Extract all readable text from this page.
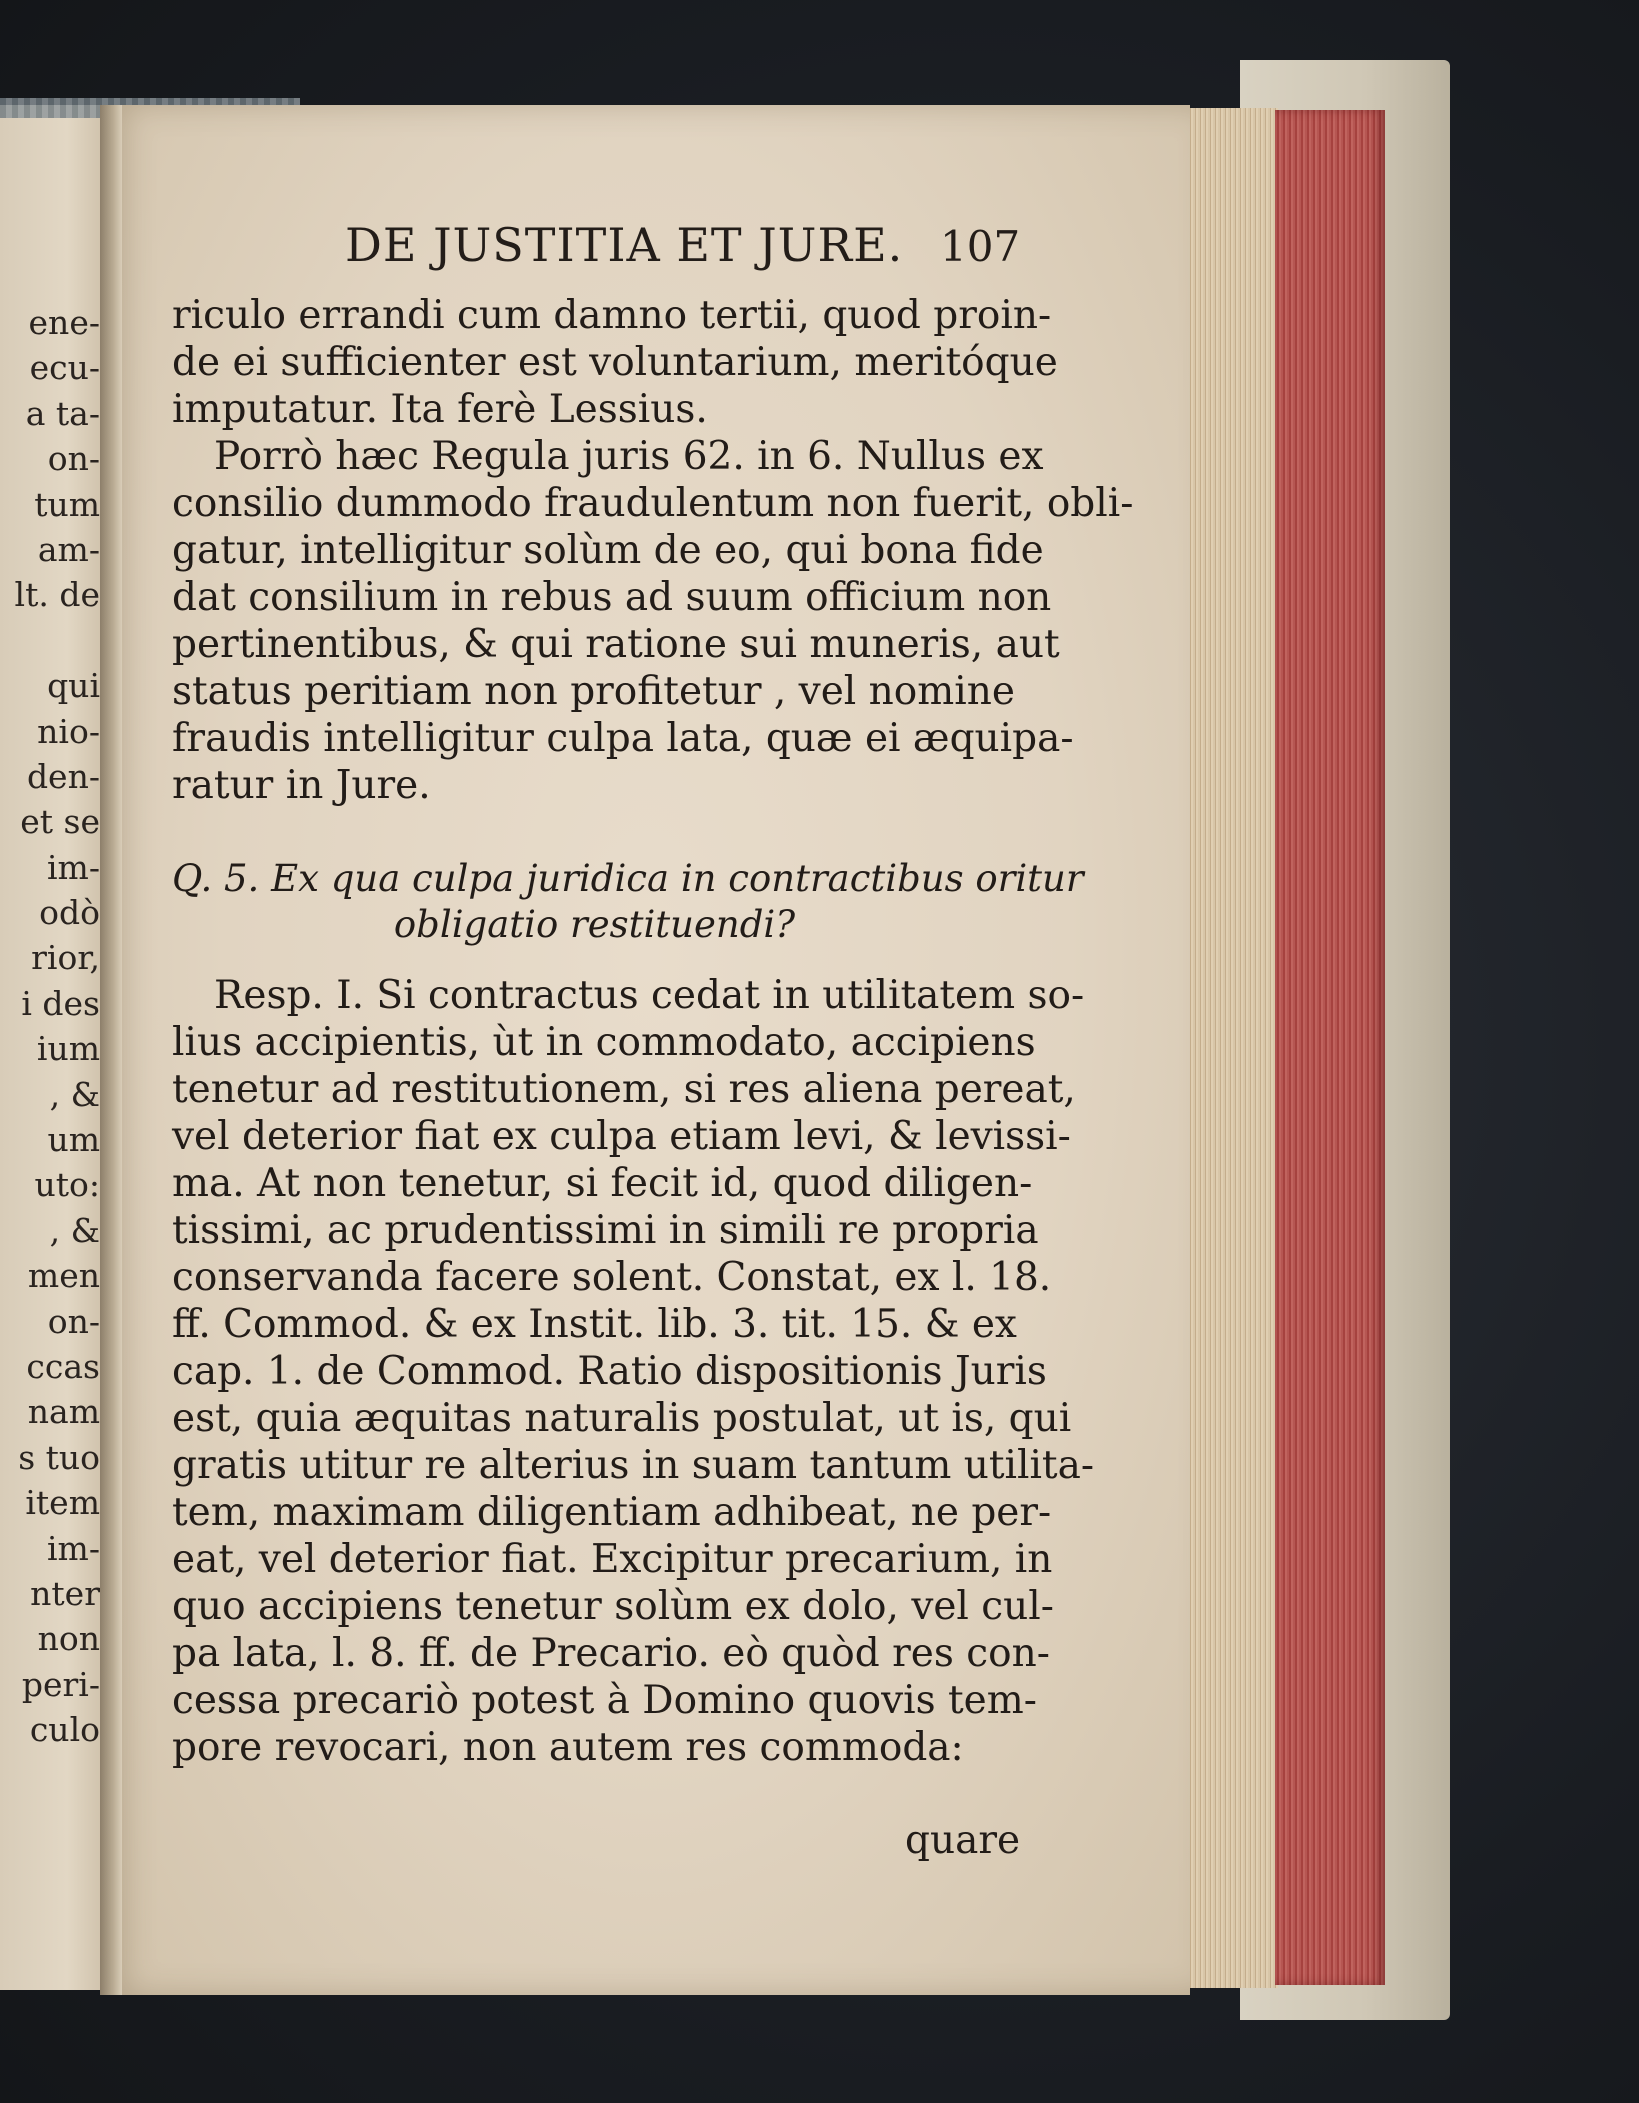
ene-
ecu-
a ta-
on-
tum
am-
lt. de
qui
nio-
den-
et se
im-
odò
rior,
i des
ium
, &
um
uto:
, &
men
on-
ccas
nam
s tuo
item
im-
nter
non
peri-
culo
DE JUSTITIA ET JURE. 107
riculo errandi cum damno tertii, quod proin-
de ei sufficienter est voluntarium, meritóque
imputatur. Ita ferè Lessius.
Porrò hæc Regula juris 62. in 6. Nullus ex
consilio dummodo fraudulentum non fuerit, obli-
gatur, intelligitur solùm de eo, qui bona fide
dat consilium in rebus ad suum officium non
pertinentibus, & qui ratione sui muneris, aut
status peritiam non profitetur , vel nomine
fraudis intelligitur culpa lata, quæ ei æquipa-
ratur in Jure.
Q. 5. Ex qua culpa juridica in contractibus oritur
obligatio restituendi?
Resp. I. Si contractus cedat in utilitatem so-
lius accipientis, ùt in commodato, accipiens
tenetur ad restitutionem, si res aliena pereat,
vel deterior fiat ex culpa etiam levi, & levissi-
ma. At non tenetur, si fecit id, quod diligen-
tissimi, ac prudentissimi in simili re propria
conservanda facere solent. Constat, ex l. 18.
ff. Commod. & ex Instit. lib. 3. tit. 15. & ex
cap. 1. de Commod. Ratio dispositionis Juris
est, quia æquitas naturalis postulat, ut is, qui
gratis utitur re alterius in suam tantum utilita-
tem, maximam diligentiam adhibeat, ne per-
eat, vel deterior fiat. Excipitur precarium, in
quo accipiens tenetur solùm ex dolo, vel cul-
pa lata, l. 8. ff. de Precario. eò quòd res con-
cessa precariò potest à Domino quovis tem-
pore revocari, non autem res commoda:
quare
